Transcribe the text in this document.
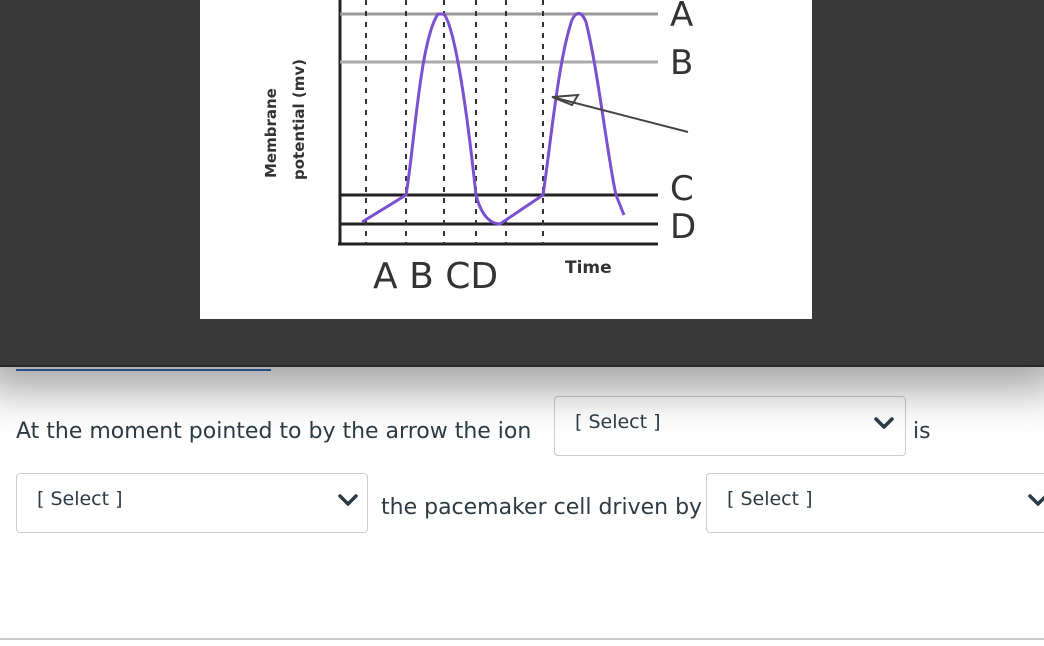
Membrane potential (mv)
A
B
C
D
A B CD	Time
At the moment pointed to by the arrow the ion [ Select ]	is
[ Select ]	the pacemaker cell driven by [ Select ]
